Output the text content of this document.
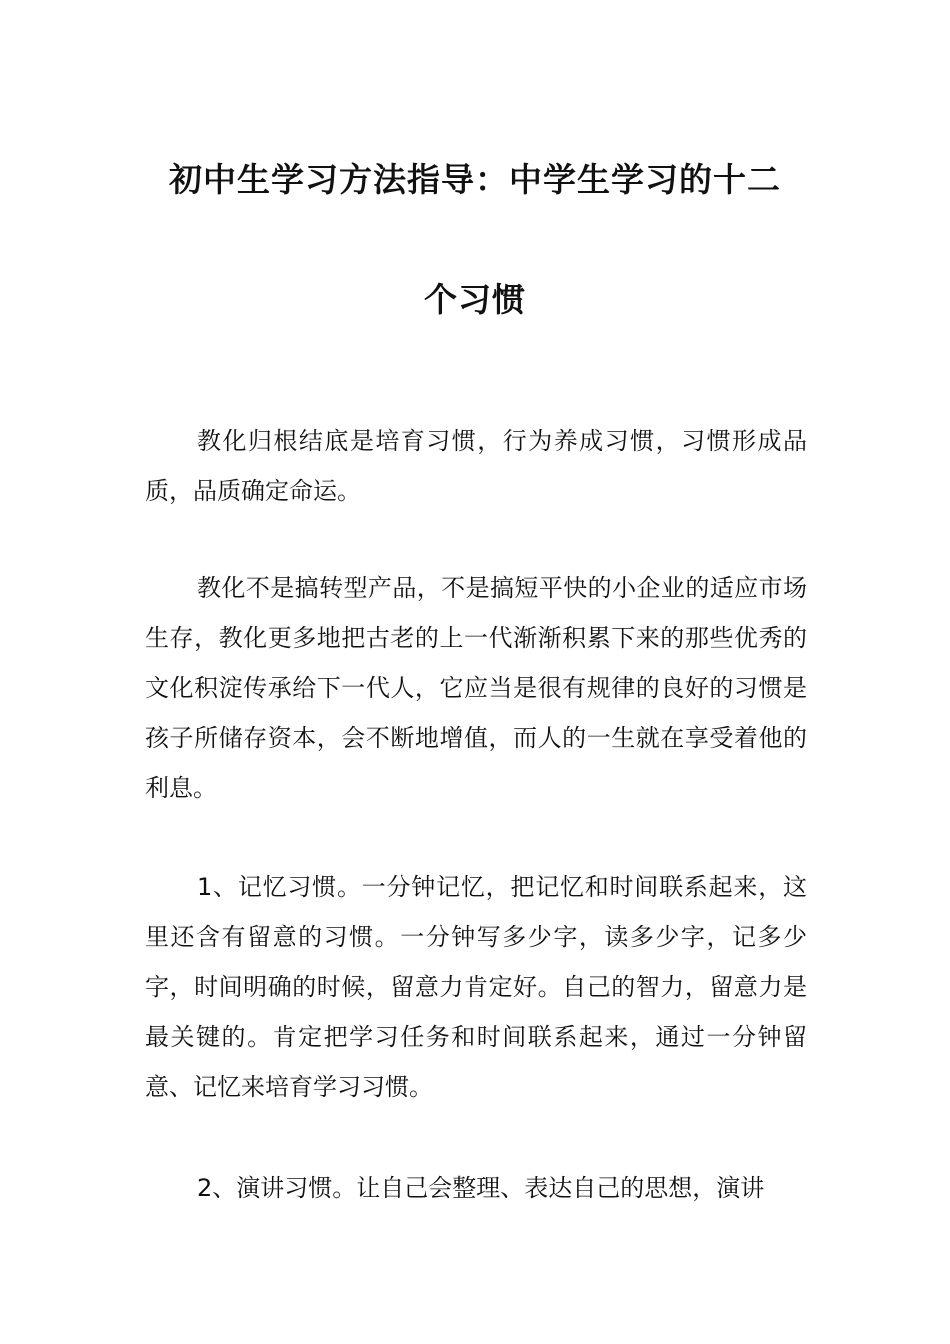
初中生学习方法指导：中学生学习的十二
个习惯

教化归根结底是培育习惯，行为养成习惯，习惯形成品质，品质确定命运。

教化不是搞转型产品，不是搞短平快的小企业的适应市场生存，教化更多地把古老的上一代渐渐积累下来的那些优秀的文化积淀传承给下一代人，它应当是很有规律的良好的习惯是孩子所储存资本，会不断地增值，而人的一生就在享受着他的利息。

1、记忆习惯。一分钟记忆，把记忆和时间联系起来，这里还含有留意的习惯。一分钟写多少字，读多少字，记多少字，时间明确的时候，留意力肯定好。自己的智力，留意力是最关键的。肯定把学习任务和时间联系起来，通过一分钟留意、记忆来培育学习习惯。

2、演讲习惯。让自己会整理、表达自己的思想，演讲
